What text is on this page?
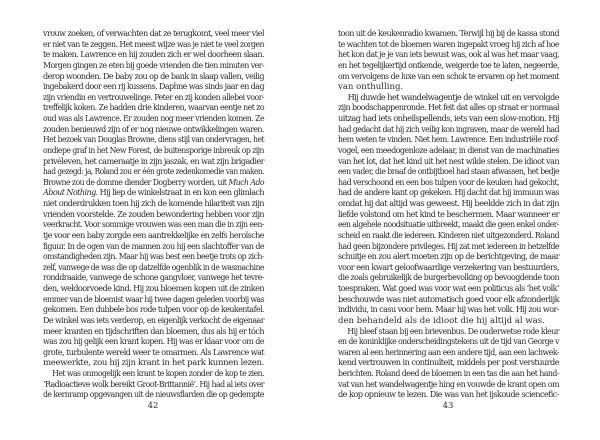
vrouw zoeken, of verwachten dat ze terugkomt, veel meer viel
er niet van te zeggen. Het meest wijze was je niet te veel zorgen
te maken. Lawrence en hij zouden zich er wel doorheen slaan.
Morgen gingen ze eten bij goede vrienden die tien minuten ver-
derop woonden. De baby zou op de bank in slaap vallen, veilig
ingebakerd door een rij kussens. Daphne was sinds jaar en dag
zijn vriendin en vertrouwelinge. Peter en zij konden allebei voor-
treffelijk koken. Ze hadden drie kinderen, waarvan eentje net zo
oud was als Lawrence. Er zouden nog meer vrienden komen. Ze
zouden benieuwd zijn of er nog nieuwe ontwikkelingen waren.
Het bezoek van Douglas Browne, diens stijl van ondervragen, het
ondiepe graf in het New Forest, de buitensporige inbreuk op zijn
privéleven, het cameraatje in zijn jaszak, en wat zijn brigadier
had gezegd: ja, Roland zou er één grote zedenkomedie van maken.
Browne zou de domme diender Dogberry worden, uit Much Ado
About Nothing. Hij liep de winkelstraat in en kon een glimlach
niet onderdrukken toen hij zich de komende hilariteit van zijn
vrienden voorstelde. Ze zouden bewondering hebben voor zijn
veerkracht. Voor sommige vrouwen was een man die in zijn een-
tje voor een baby zorgde een aantrekkelijke en zelfs heroïsche
figuur. In de ogen van de mannen zou hij een slachtoffer van de
omstandigheden zijn. Maar hij was best een beetje trots op zich-
zelf, vanwege de was die op datzelfde ogenblik in de wasmachine
ronddraaide, vanwege de schone gangvloer, vanwege het tevre-
den, weldoorvoede kind. Hij zou bloemen kopen uit de zinken
emmer van de bloemist waar hij twee dagen geleden voorbij was
gekomen. Een dubbele bos rode tulpen voor op de keukentafel.
De winkel was iets verderop, en eigenlijk verkocht de eigenaar
meer kranten en tijdschriften dan bloemen, dus als hij er tóch
was zou hij gelijk een krant kopen. Hij was er klaar voor om de
grote, turbulente wereld weer te omarmen. Als Lawrence wat
meewerkte, zou hij zijn krant in het park kunnen lezen.
Het was onmogelijk een krant te kopen zonder de kop te zien.
‘Radioactieve wolk bereikt Groot-Brittannië’. Hij had al iets over
de kernramp opgevangen uit de nieuwsflarden die op gedempte
toon uit de keukenradio kwamen. Terwijl hij bij de kassa stond
te wachten tot de bloemen waren ingepakt vroeg hij zich af hoe
het kon dat je je van iets bewust was, ook al was het maar vaag,
en het tegelijkertijd ontkende, weigerde toe te laten, negeerde,
om vervolgens de luxe van een schok te ervaren op het moment
van onthulling.
Hij duwde het wandelwagentje de winkel uit en vervolgde
zijn boodschappenronde. Het feit dat alles op straat er normaal
uitzag had iets onheilspellends, iets van een slow-motion. Hij
had gedacht dat hij zich veilig kon ingraven, maar de wereld had
hem weten te vinden. Niet hem. Lawrence. Een industriële roof-
vogel, een meedogenloze adelaar, in dienst van de machinaties
van het lot, dat het kind uit het nest wilde stelen. De idioot van
een vader, die braaf de ontbijtboel had staan afwassen, het bedje
had verschoond en een bos tulpen voor de keuken had gekocht,
had de andere kant op gekeken. Hij dacht dat hij immuun was
omdat hij dat altijd was geweest. Hij beeldde zich in dat zijn
liefde volstond om het kind te beschermen. Maar wanneer er
een algehele noodsituatie uitbreekt, maakt die geen enkel onder-
scheid en raakt die iedereen. Kinderen niet uitgezonderd. Roland
had geen bijzondere privileges. Hij zat met iedereen in hetzelfde
schuitje en zou alert moeten zijn op de berichtgeving, de maar
voor een kwart geloofwaardige verzekering van bestuurders,
die zoals gebruikelijk de burgerbevolking op bevoogdende toon
toespraken. Wat goed was voor wat een politicus als ‘het volk’
beschouwde was niet automatisch goed voor elk afzonderlijk
individu, in casu voor hem. Maar hij was het volk. Hij zou wor-
den behandeld als de idioot die hij altijd al was.
Hij bleef staan bij een brievenbus. De ouderwetse rode kleur
en de koninklijke onderscheidingstekens uit de tijd van George v
waren al een herinnering aan een andere tijd, aan een lachwek-
kend vertrouwen in continuïteit, middels per post verstuurde
berichten. Roland deed de bloemen in een tas die aan het hand-
vat van het wandelwagentje hing en vouwde de krant open om
de kop opnieuw te lezen. Die was van het ijskoude sciencefic-
42	43
